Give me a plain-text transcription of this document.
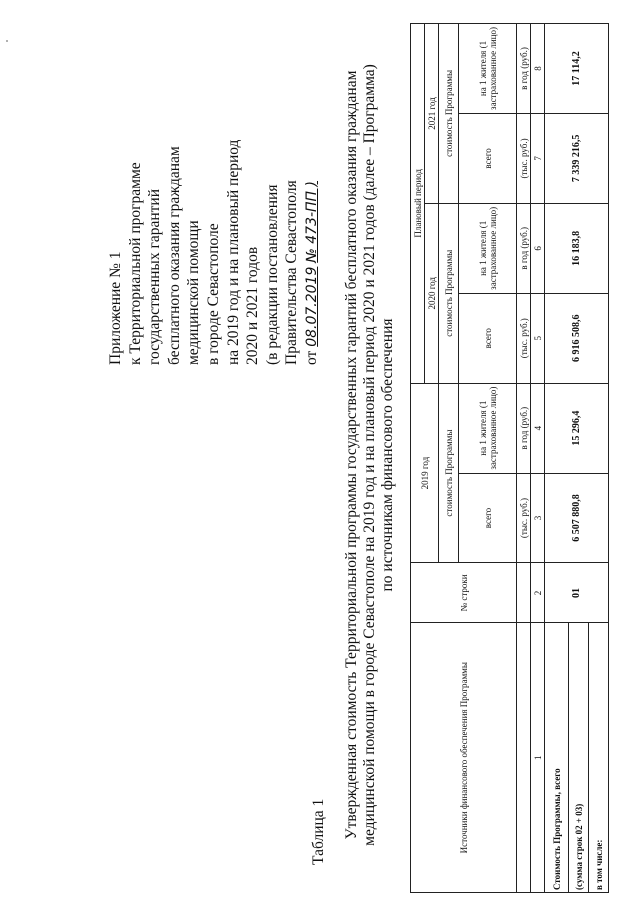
Приложение № 1 к Территориальной программе государственных гарантий бесплатного оказания гражданам медицинской помощи в городе Севастополе на 2019 год и на плановый период 2020 и 2021 годов (в редакции постановления Правительства Севастополя от 08.07.2019 № 473-ПП )
Таблица 1 Утвержденная стоимость Территориальной программы государственных гарантий бесплатного оказания гражданам медицинской помощи в городе Севастополе на 2019 год и на плановый период 2020 и 2021 годов (далее – Программа) по источникам финансового обеспечения
Источники финансового обеспечения Программы	№ строки	2019 год		Плановый период			
				2020 год		2021 год	
		стоимость Программы		стоимость Программы		стоимость Программы	
		всего	на 1 жителя (1 застрахованное лицо)	всего	на 1 жителя (1 застрахованное лицо)	всего	на 1 жителя (1 застрахованное лицо)
		(тыс. руб.)	в год (руб.)	(тыс. руб.)	в год (руб.)	(тыс. руб.)	в год (руб.)
1	2	3	4	5	6	7	8
Стоимость Программы, всего	01	6 507 880,8	15 296,4	6 916 508,6	16 183,8	7 339 216,5	17 114,2
(сумма строк 02 + 03)							
в том числе:							
